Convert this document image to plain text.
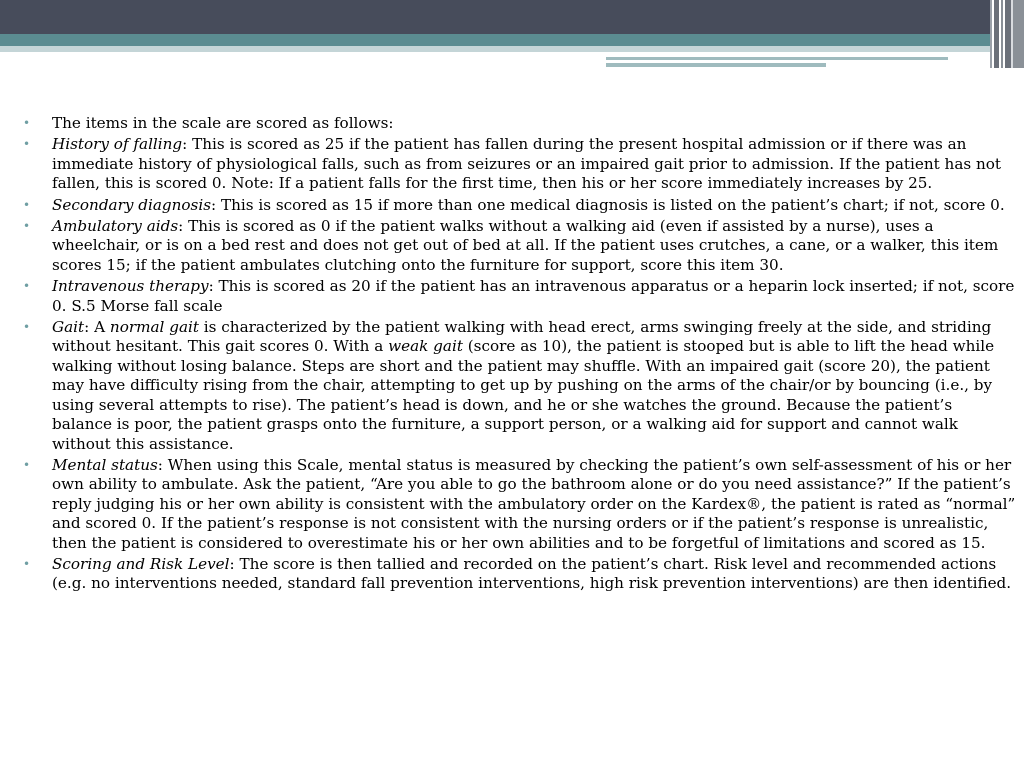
• The items in the scale are scored as follows:
• History of falling: This is scored as 25 if the patient has fallen during the present hospital admission or if there was an immediate history of physiological falls, such as from seizures or an impaired gait prior to admission. If the patient has not fallen, this is scored 0. Note: If a patient falls for the first time, then his or her score immediately increases by 25.
• Secondary diagnosis: This is scored as 15 if more than one medical diagnosis is listed on the patient’s chart; if not, score 0.
• Ambulatory aids: This is scored as 0 if the patient walks without a walking aid (even if assisted by a nurse), uses a wheelchair, or is on a bed rest and does not get out of bed at all. If the patient uses crutches, a cane, or a walker, this item scores 15; if the patient ambulates clutching onto the furniture for support, score this item 30.
• Intravenous therapy: This is scored as 20 if the patient has an intravenous apparatus or a heparin lock inserted; if not, score 0. S.5 Morse fall scale
• Gait: A normal gait is characterized by the patient walking with head erect, arms swinging freely at the side, and striding without hesitant. This gait scores 0. With a weak gait (score as 10), the patient is stooped but is able to lift the head while walking without losing balance. Steps are short and the patient may shuffle. With an impaired gait (score 20), the patient may have difficulty rising from the chair, attempting to get up by pushing on the arms of the chair/or by bouncing (i.e., by using several attempts to rise). The patient’s head is down, and he or she watches the ground. Because the patient’s balance is poor, the patient grasps onto the furniture, a support person, or a walking aid for support and cannot walk without this assistance.
• Mental status: When using this Scale, mental status is measured by checking the patient’s own self-assessment of his or her own ability to ambulate. Ask the patient, “Are you able to go the bathroom alone or do you need assistance?” If the patient’s reply judging his or her own ability is consistent with the ambulatory order on the Kardex®, the patient is rated as “normal” and scored 0. If the patient’s response is not consistent with the nursing orders or if the patient’s response is unrealistic, then the patient is considered to overestimate his or her own abilities and to be forgetful of limitations and scored as 15.
• Scoring and Risk Level: The score is then tallied and recorded on the patient’s chart. Risk level and recommended actions (e.g. no interventions needed, standard fall prevention interventions, high risk prevention interventions) are then identified.
